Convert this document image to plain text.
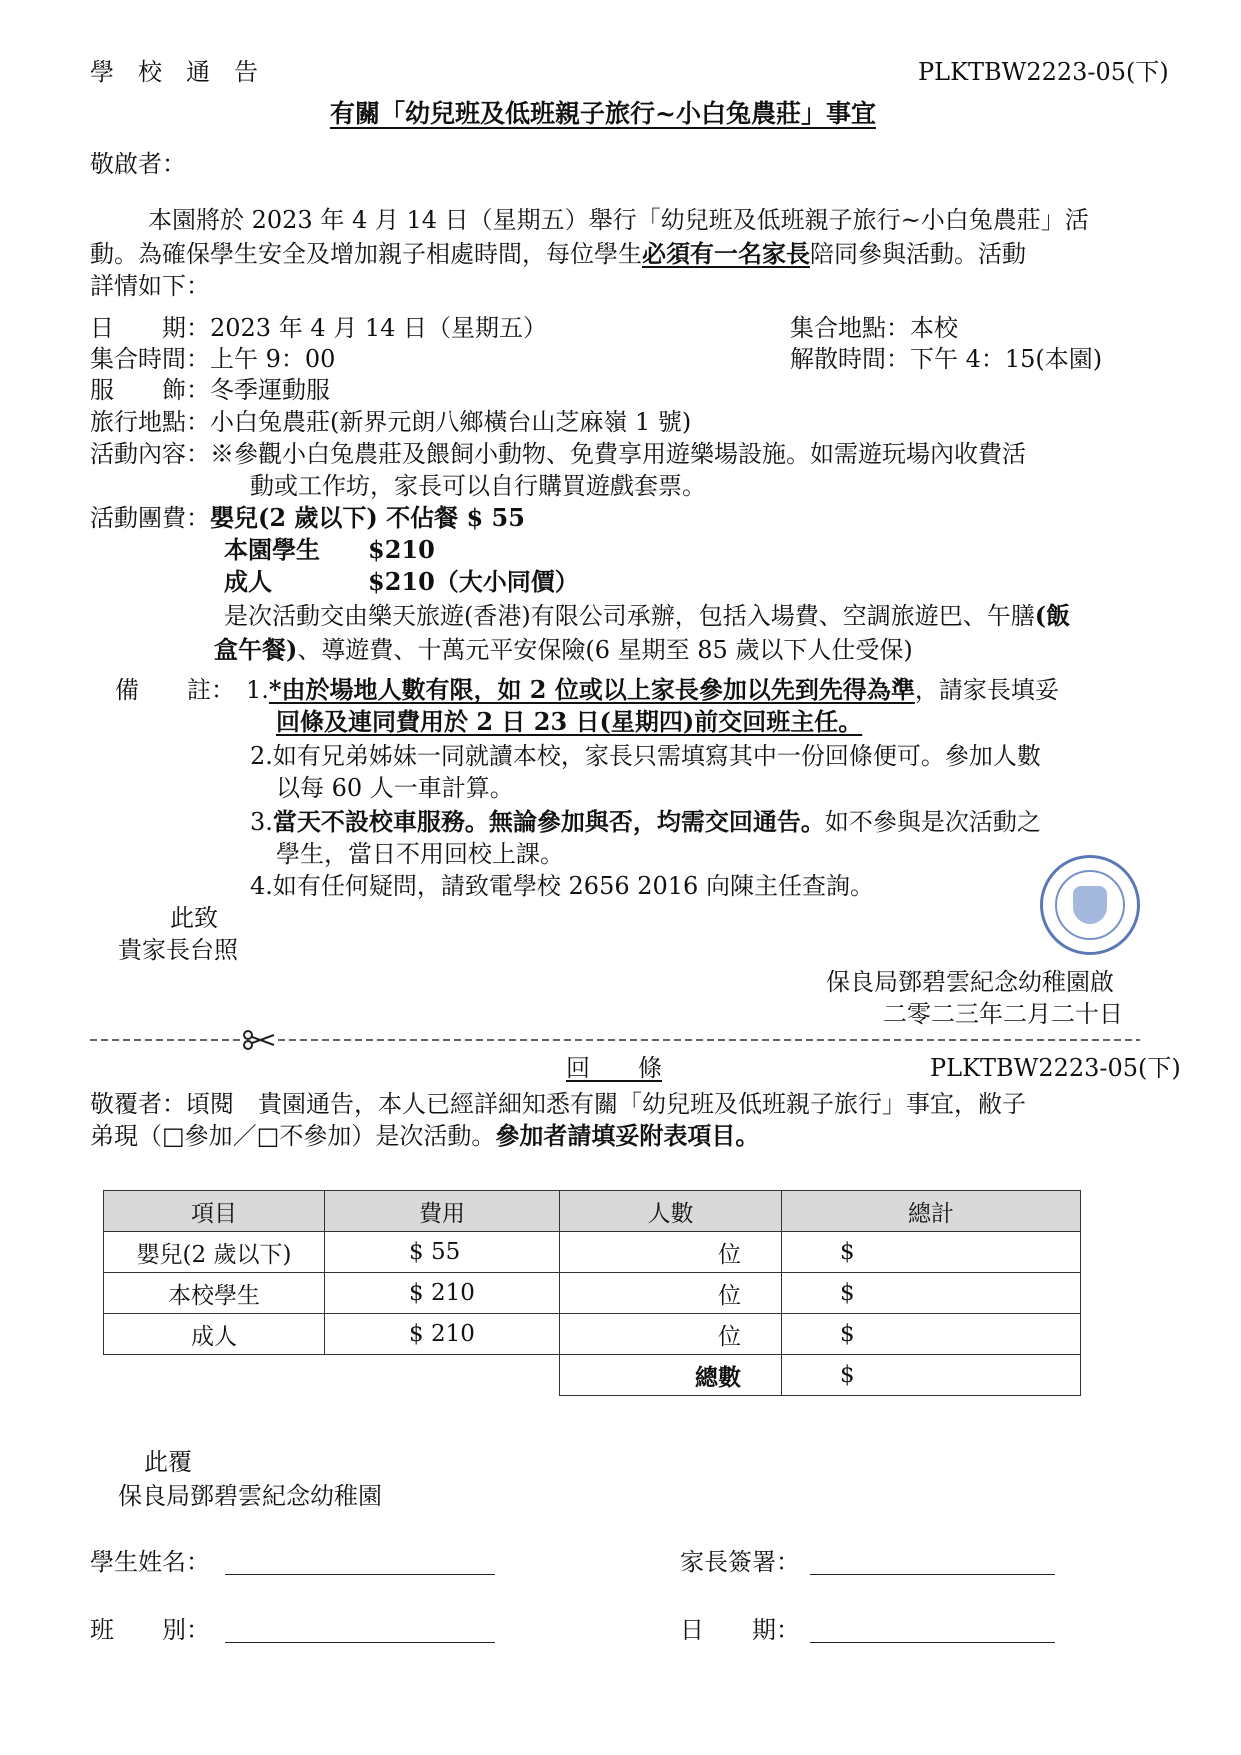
學校通告	PLKTBW2223-05(下)
有關「幼兒班及低班親子旅行~小白兔農莊」事宜
敬啟者：
本園將於 2023 年 4 月 14 日（星期五）舉行「幼兒班及低班親子旅行~小白兔農莊」活
動。為確保學生安全及增加親子相處時間，每位學生必須有一名家長陪同參與活動。活動
詳情如下：
日　　期：2023 年 4 月 14 日（星期五）	集合地點：本校
集合時間：上午 9：00	解散時間：下午 4：15(本園)
服　　飾：冬季運動服
旅行地點：小白兔農莊(新界元朗八鄉橫台山芝麻嶺 1 號)
活動內容：※參觀小白兔農莊及餵飼小動物、免費享用遊樂場設施。如需遊玩場內收費活
動或工作坊，家長可以自行購買遊戲套票。
活動團費：嬰兒(2 歲以下) 不佔餐 $ 55
本園學生 $210
成人	$210（大小同價）
是次活動交由樂天旅遊(香港)有限公司承辦，包括入場費、空調旅遊巴、午膳(飯
盒午餐)、導遊費、十萬元平安保險(6 星期至 85 歲以下人仕受保)
備　　註： 1.*由於場地人數有限，如 2 位或以上家長參加以先到先得為準，請家長填妥
回條及連同費用於 2 日 23 日(星期四)前交回班主任。
2.如有兄弟姊妹一同就讀本校，家長只需填寫其中一份回條便可。參加人數
以每 60 人一車計算。
3.當天不設校車服務。無論參加與否，均需交回通告。如不參與是次活動之
學生，當日不用回校上課。
4.如有任何疑問，請致電學校 2656 2016 向陳主任查詢。
此致
貴家長台照
保良局鄧碧雲紀念幼稚園啟
二零二三年二月二十日
回　　條	PLKTBW2223-05(下)
敬覆者：頃閱　貴園通告，本人已經詳細知悉有關「幼兒班及低班親子旅行」事宜，敝子
弟現（□參加／□不參加）是次活動。參加者請填妥附表項目。
項目	費用	人數	總計
嬰兒(2 歲以下)	$ 55	位	$
本校學生	$ 210	位	$
成人	$ 210	位	$
		總數	$
此覆
保良局鄧碧雲紀念幼稚園
學生姓名：	家長簽署：
班　　別：	日　　期：
